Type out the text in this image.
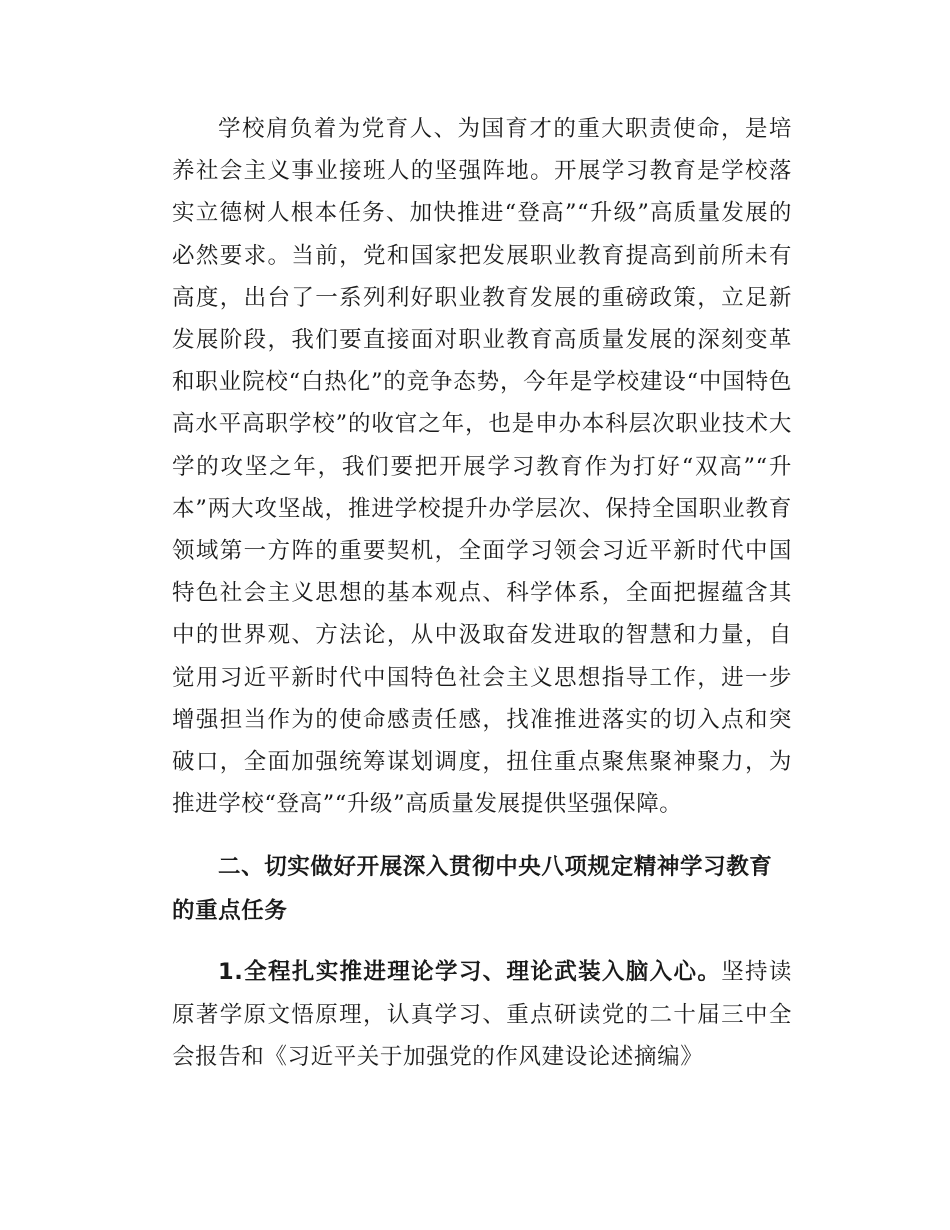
学校肩负着为党育人、为国育才的重大职责使命，是培养社会主义事业接班人的坚强阵地。开展学习教育是学校落实立德树人根本任务、加快推进“登高”“升级”高质量发展的必然要求。当前，党和国家把发展职业教育提高到前所未有高度，出台了一系列利好职业教育发展的重磅政策，立足新发展阶段，我们要直接面对职业教育高质量发展的深刻变革和职业院校“白热化”的竞争态势，今年是学校建设“中国特色高水平高职学校”的收官之年，也是申办本科层次职业技术大学的攻坚之年，我们要把开展学习教育作为打好“双高”“升本”两大攻坚战，推进学校提升办学层次、保持全国职业教育领域第一方阵的重要契机，全面学习领会习近平新时代中国特色社会主义思想的基本观点、科学体系，全面把握蕴含其中的世界观、方法论，从中汲取奋发进取的智慧和力量，自觉用习近平新时代中国特色社会主义思想指导工作，进一步增强担当作为的使命感责任感，找准推进落实的切入点和突破口，全面加强统筹谋划调度，扭住重点聚焦聚神聚力，为推进学校“登高”“升级”高质量发展提供坚强保障。

二、切实做好开展深入贯彻中央八项规定精神学习教育的重点任务

1.全程扎实推进理论学习、理论武装入脑入心。坚持读原著学原文悟原理，认真学习、重点研读党的二十届三中全会报告和《习近平关于加强党的作风建设论述摘编》
